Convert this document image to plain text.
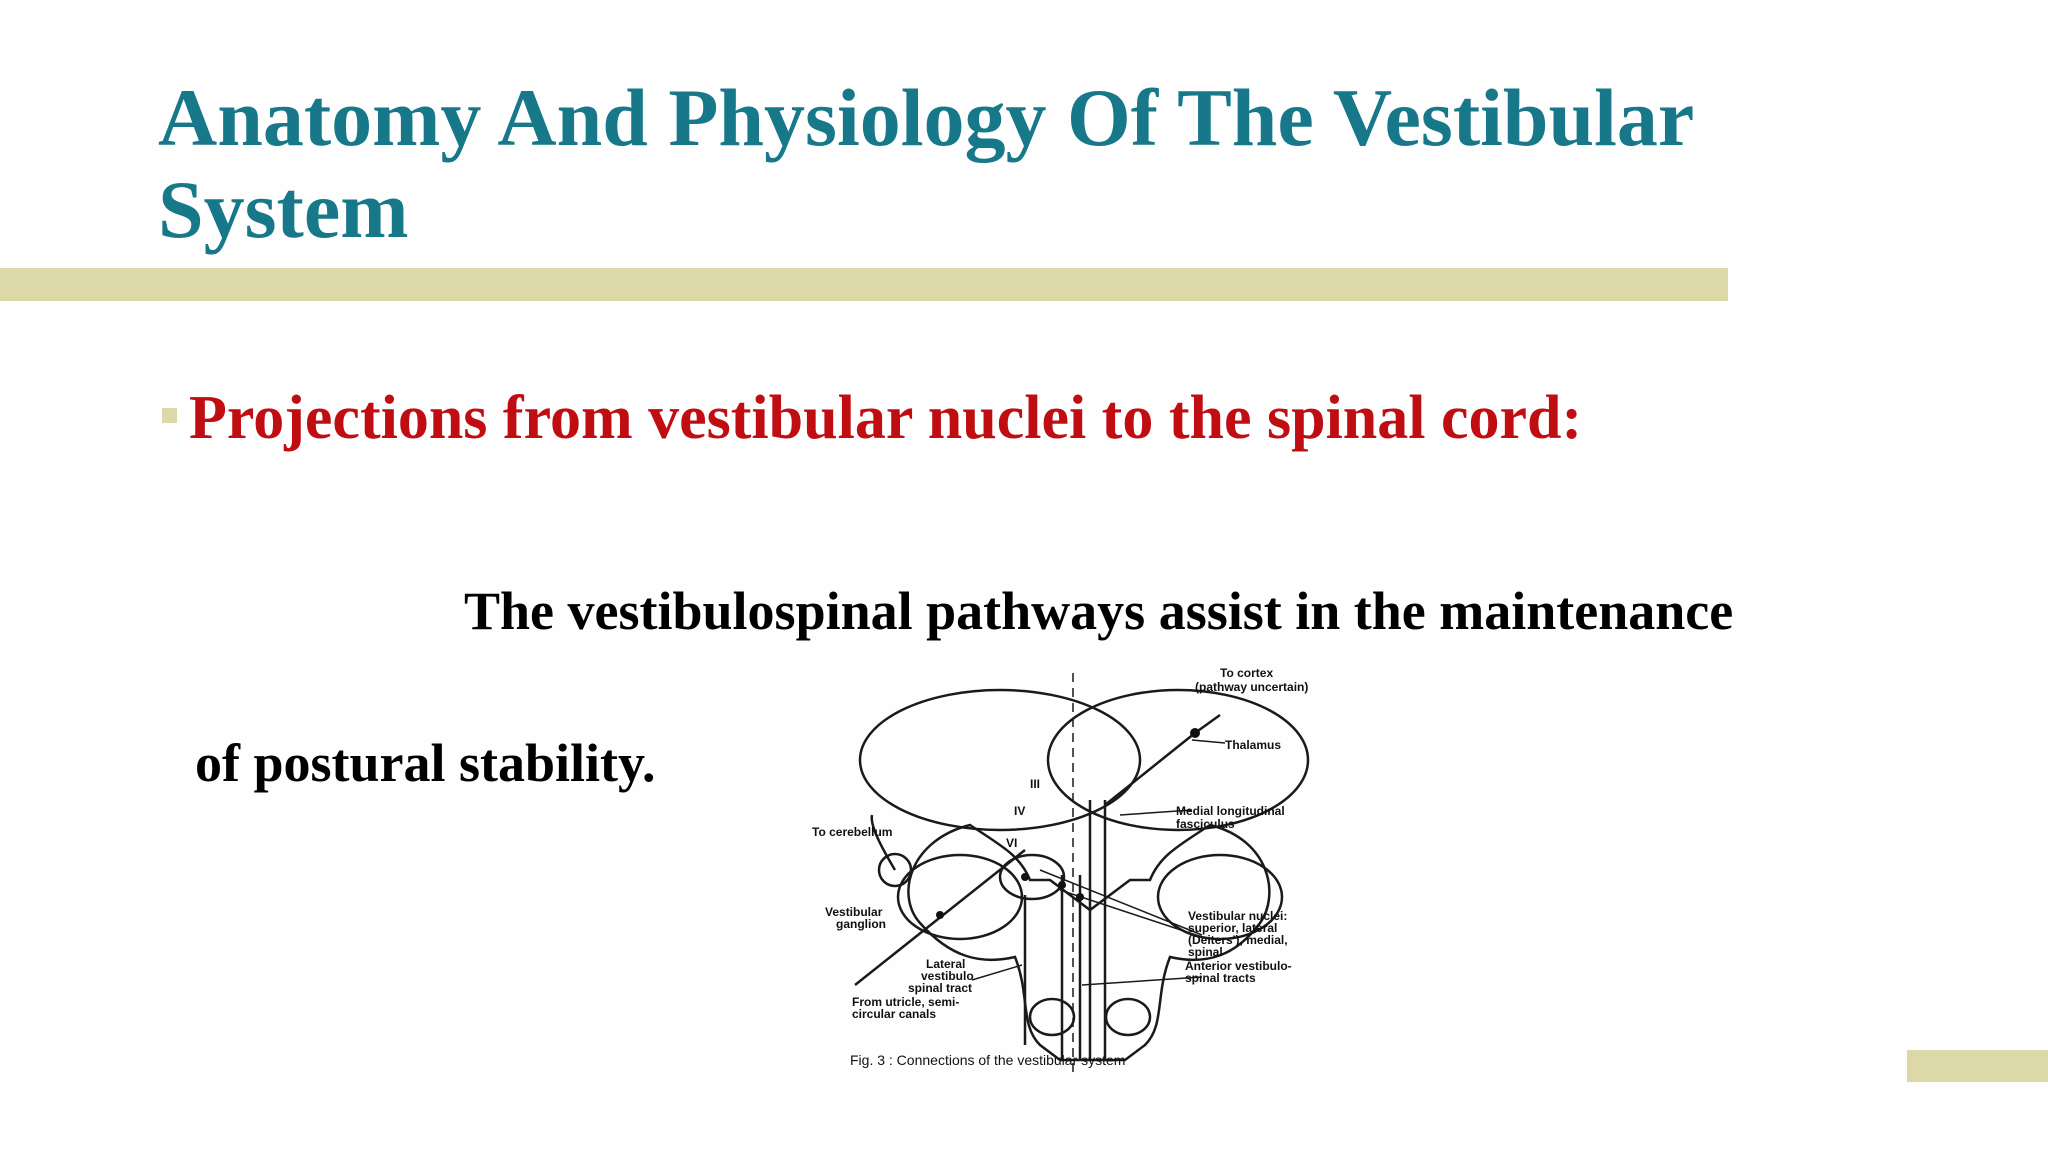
Anatomy And Physiology Of The Vestibular System
Projections from vestibular nuclei to the spinal cord:
The vestibulospinal pathways assist in the maintenance
of postural stability.
To cortex
(pathway uncertain)
Thalamus
Medial longitudinal
fasciculus
To cerebellum
Vestibular
ganglion
Vestibular nuclei:
superior, lateral
(Deiters'), medial,
spinal
Lateral
vestibulo
spinal tract
Anterior vestibulo-
spinal tracts
From utricle, semi-
circular canals
III
IV
VI
Fig. 3 : Connections of the vestibular system
